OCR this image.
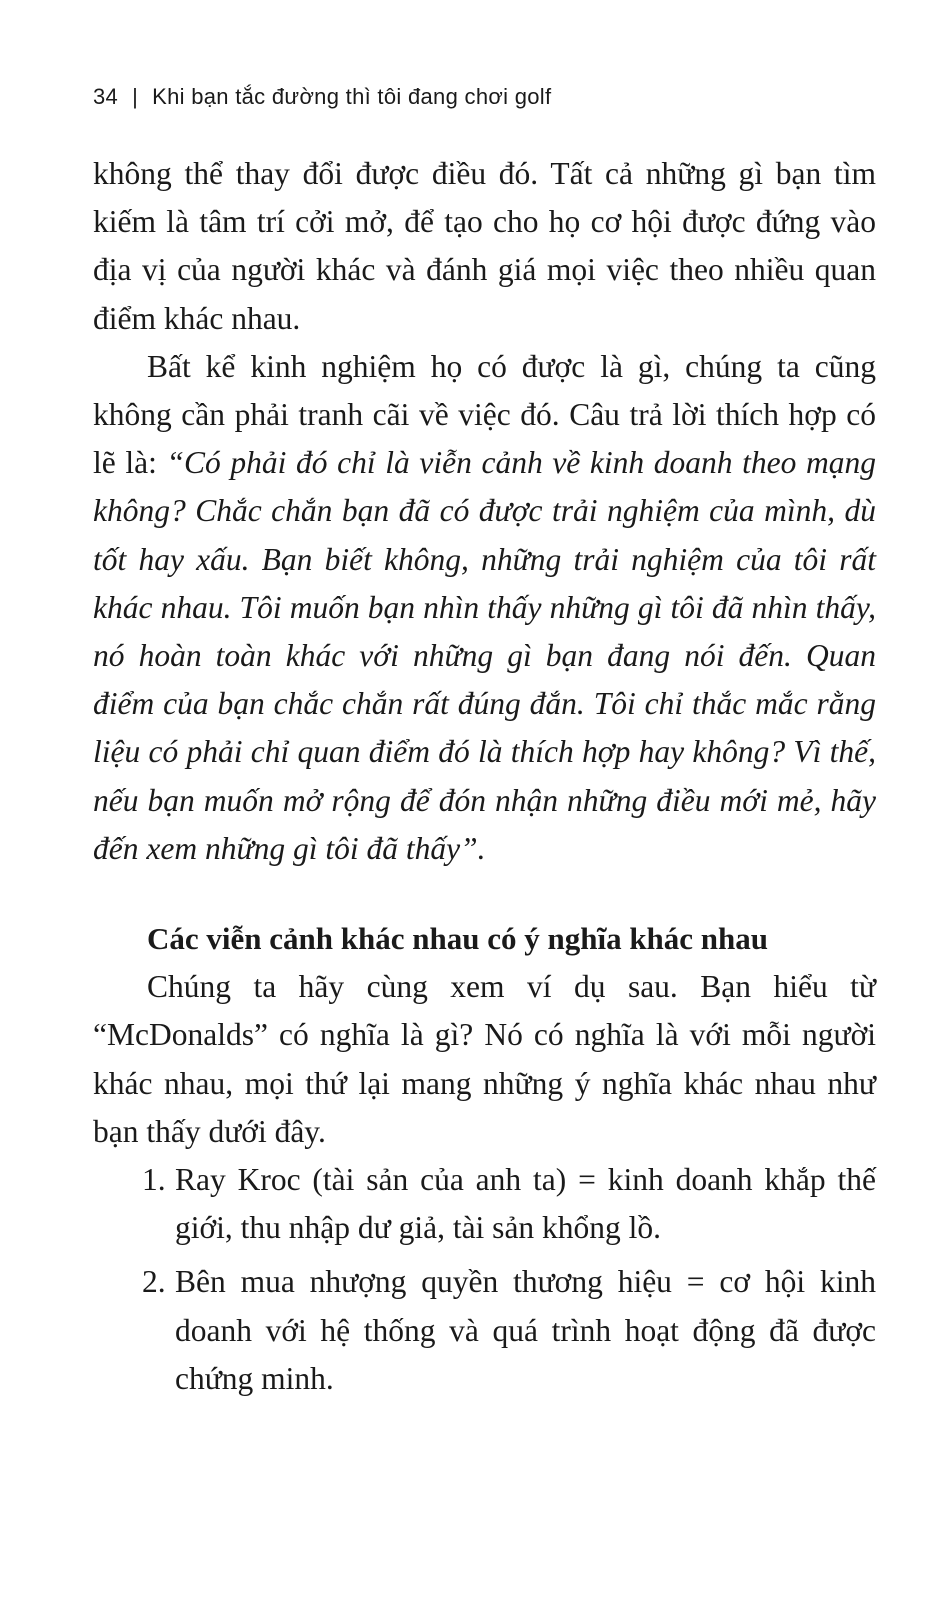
34 | Khi bạn tắc đường thì tôi đang chơi golf

không thể thay đổi được điều đó. Tất cả những gì bạn tìm kiếm là tâm trí cởi mở, để tạo cho họ cơ hội được đứng vào địa vị của người khác và đánh giá mọi việc theo nhiều quan điểm khác nhau.

Bất kể kinh nghiệm họ có được là gì, chúng ta cũng không cần phải tranh cãi về việc đó. Câu trả lời thích hợp có lẽ là: “Có phải đó chỉ là viễn cảnh về kinh doanh theo mạng không? Chắc chắn bạn đã có được trải nghiệm của mình, dù tốt hay xấu. Bạn biết không, những trải nghiệm của tôi rất khác nhau. Tôi muốn bạn nhìn thấy những gì tôi đã nhìn thấy, nó hoàn toàn khác với những gì bạn đang nói đến. Quan điểm của bạn chắc chắn rất đúng đắn. Tôi chỉ thắc mắc rằng liệu có phải chỉ quan điểm đó là thích hợp hay không? Vì thế, nếu bạn muốn mở rộng để đón nhận những điều mới mẻ, hãy đến xem những gì tôi đã thấy”.

Các viễn cảnh khác nhau có ý nghĩa khác nhau

Chúng ta hãy cùng xem ví dụ sau. Bạn hiểu từ “McDonalds” có nghĩa là gì? Nó có nghĩa là với mỗi người khác nhau, mọi thứ lại mang những ý nghĩa khác nhau như bạn thấy dưới đây.

1. Ray Kroc (tài sản của anh ta) = kinh doanh khắp thế giới, thu nhập dư giả, tài sản khổng lồ.
2. Bên mua nhượng quyền thương hiệu = cơ hội kinh doanh với hệ thống và quá trình hoạt động đã được chứng minh.
